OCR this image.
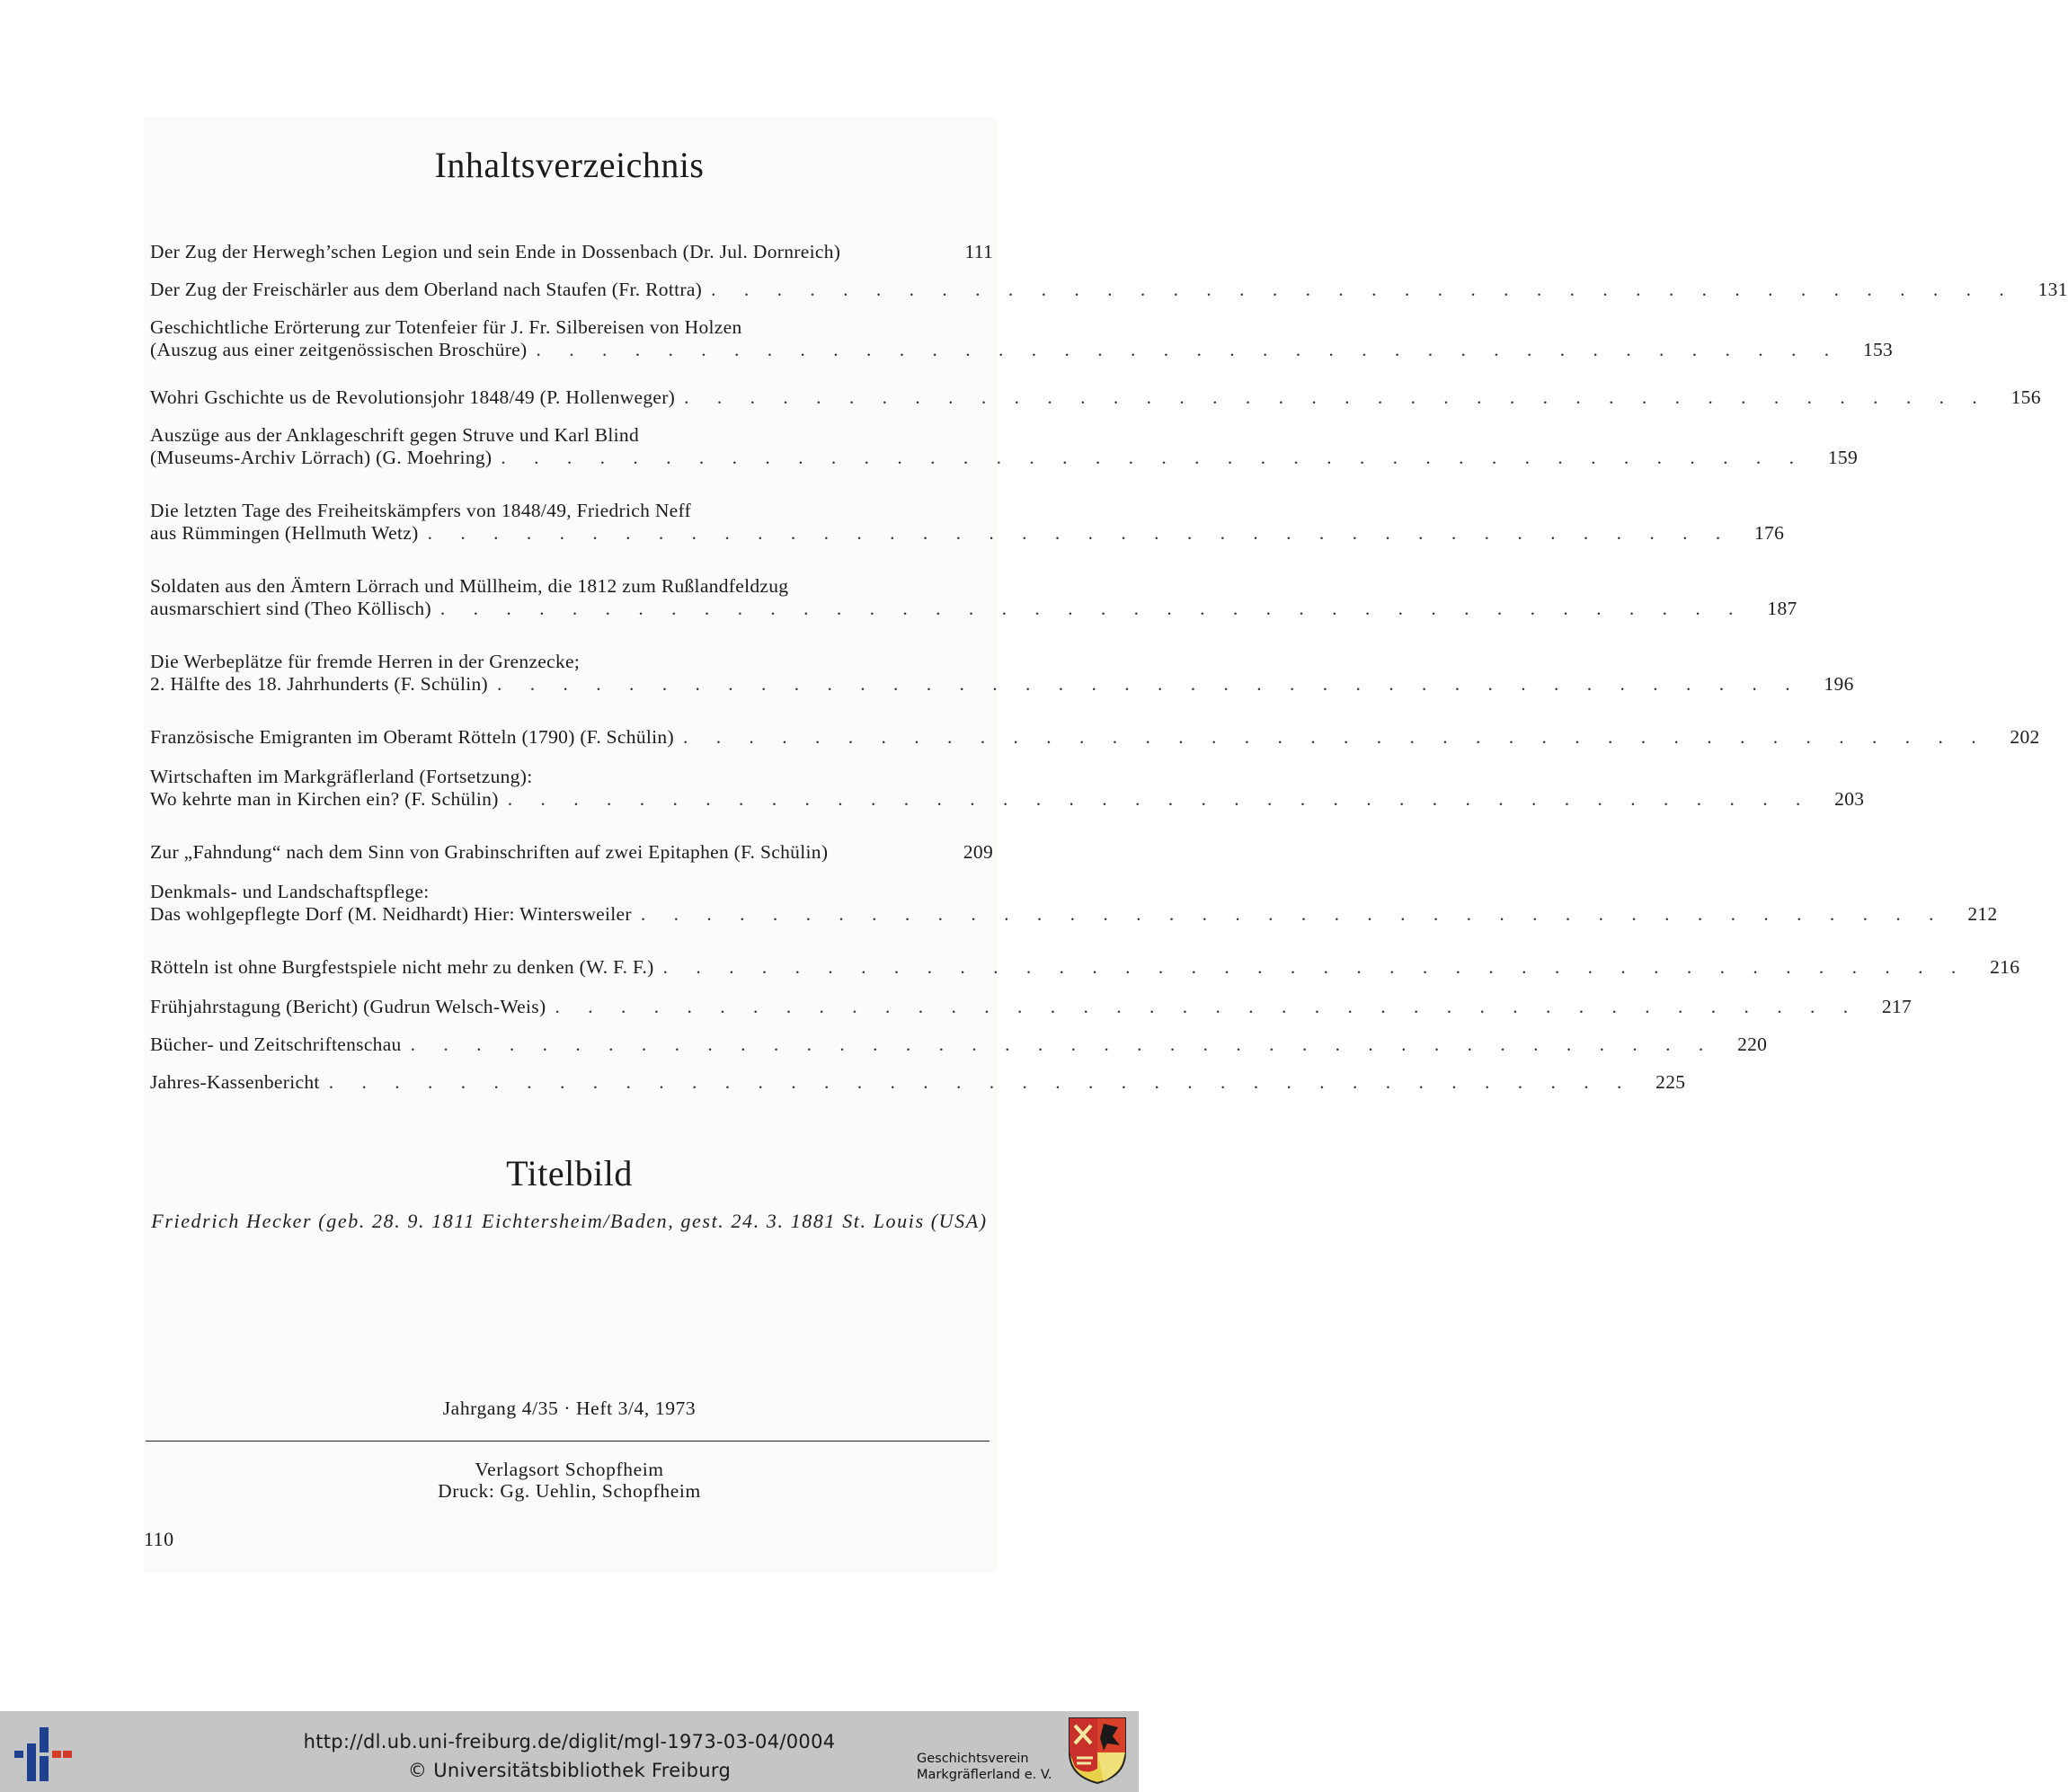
Inhaltsverzeichnis
Der Zug der Herwegh’schen Legion und sein Ende in Dossenbach (Dr. Jul. Dornreich)	111
Der Zug der Freischärler aus dem Oberland nach Staufen (Fr. Rottra) . . . . . . . . . . . . . . . . . . . . . . . . . . . . . . . . . . . . . . . .	131
Geschichtliche Erörterung zur Totenfeier für J. Fr. Silbereisen von Holzen
(Auszug aus einer zeitgenössischen Broschüre) . . . . . . . . . . . . . . . . . . . . . . . . . . . . . . . . . . . . . . . .	153
Wohri Gschichte us de Revolutionsjohr 1848/49 (P. Hollenweger) . . . . . . . . . . . . . . . . . . . . . . . . . . . . . . . . . . . . . . . .	156
Auszüge aus der Anklageschrift gegen Struve und Karl Blind
(Museums-Archiv Lörrach) (G. Moehring) . . . . . . . . . . . . . . . . . . . . . . . . . . . . . . . . . . . . . . . .	159
Die letzten Tage des Freiheitskämpfers von 1848/49, Friedrich Neff
aus Rümmingen (Hellmuth Wetz) . . . . . . . . . . . . . . . . . . . . . . . . . . . . . . . . . . . . . . . .	176
Soldaten aus den Ämtern Lörrach und Müllheim, die 1812 zum Rußlandfeldzug
ausmarschiert sind (Theo Köllisch) . . . . . . . . . . . . . . . . . . . . . . . . . . . . . . . . . . . . . . . .	187
Die Werbeplätze für fremde Herren in der Grenzecke;
2. Hälfte des 18. Jahrhunderts (F. Schülin) . . . . . . . . . . . . . . . . . . . . . . . . . . . . . . . . . . . . . . . .	196
Französische Emigranten im Oberamt Rötteln (1790) (F. Schülin) . . . . . . . . . . . . . . . . . . . . . . . . . . . . . . . . . . . . . . . .	202
Wirtschaften im Markgräflerland (Fortsetzung):
Wo kehrte man in Kirchen ein? (F. Schülin) . . . . . . . . . . . . . . . . . . . . . . . . . . . . . . . . . . . . . . . .	203
Zur „Fahndung“ nach dem Sinn von Grabinschriften auf zwei Epitaphen (F. Schülin)	209
Denkmals- und Landschaftspflege:
Das wohlgepflegte Dorf (M. Neidhardt) Hier: Wintersweiler . . . . . . . . . . . . . . . . . . . . . . . . . . . . . . . . . . . . . . . .	212
Rötteln ist ohne Burgfestspiele nicht mehr zu denken (W. F. F.) . . . . . . . . . . . . . . . . . . . . . . . . . . . . . . . . . . . . . . . .	216
Frühjahrstagung (Bericht) (Gudrun Welsch-Weis) . . . . . . . . . . . . . . . . . . . . . . . . . . . . . . . . . . . . . . . .	217
Bücher- und Zeitschriftenschau . . . . . . . . . . . . . . . . . . . . . . . . . . . . . . . . . . . . . . . .	220
Jahres-Kassenbericht . . . . . . . . . . . . . . . . . . . . . . . . . . . . . . . . . . . . . . . .	225
Titelbild
Friedrich Hecker (geb. 28. 9. 1811 Eichtersheim/Baden, gest. 24. 3. 1881 St. Louis (USA)
Jahrgang 4/35 · Heft 3/4, 1973
Verlagsort Schopfheim
Druck: Gg. Uehlin, Schopfheim
110
http://dl.ub.uni-freiburg.de/diglit/mgl-1973-03-04/0004
© Universitätsbibliothek Freiburg
Geschichtsverein
Markgräflerland e. V.
